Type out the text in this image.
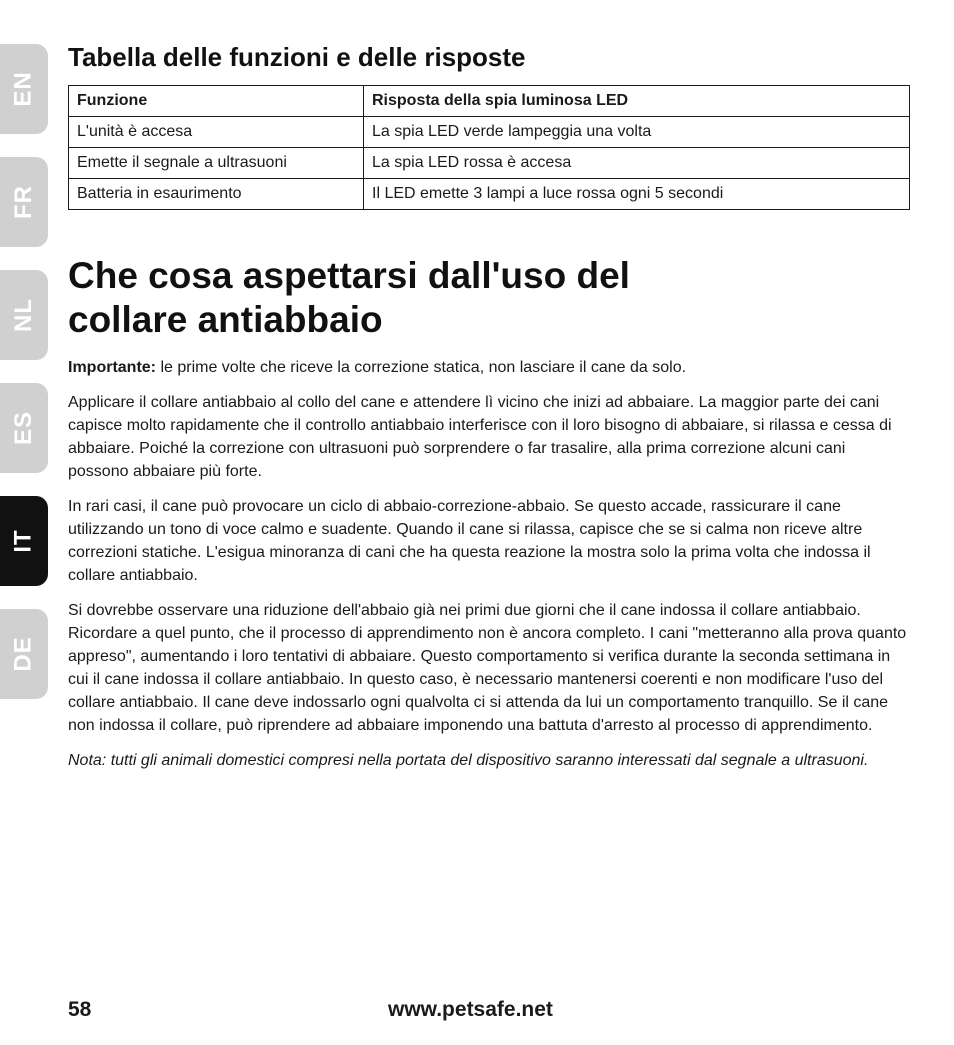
EN
FR
NL
ES
IT
DE
Tabella delle funzioni e delle risposte
Funzione	Risposta della spia luminosa LED
L'unità è accesa	La spia LED verde lampeggia una volta
Emette il segnale a ultrasuoni	La spia LED rossa è accesa
Batteria in esaurimento	Il LED emette 3 lampi a luce rossa ogni 5 secondi
Che cosa aspettarsi dall'uso del
collare antiabbaio

Importante: le prime volte che riceve la correzione statica, non lasciare il cane da solo.

Applicare il collare antiabbaio al collo del cane e attendere lì vicino che inizi ad abbaiare. La maggior parte dei cani capisce molto rapidamente che il controllo antiabbaio interferisce con il loro bisogno di abbaiare, si rilassa e cessa di abbaiare. Poiché la correzione con ultrasuoni può sorprendere o far trasalire, alla prima correzione alcuni cani possono abbaiare più forte.

In rari casi, il cane può provocare un ciclo di abbaio-correzione-abbaio. Se questo accade, rassicurare il cane utilizzando un tono di voce calmo e suadente. Quando il cane si rilassa, capisce che se si calma non riceve altre correzioni statiche. L'esigua minoranza di cani che ha questa reazione la mostra solo la prima volta che indossa il collare antiabbaio.

Si dovrebbe osservare una riduzione dell'abbaio già nei primi due giorni che il cane indossa il collare antiabbaio. Ricordare a quel punto, che il processo di apprendimento non è ancora completo. I cani "metteranno alla prova quanto appreso", aumentando i loro tentativi di abbaiare. Questo comportamento si verifica durante la seconda settimana in cui il cane indossa il collare antiabbaio. In questo caso, è necessario mantenersi coerenti e non modificare l'uso del collare antiabbaio. Il cane deve indossarlo ogni qualvolta ci si attenda da lui un comportamento tranquillo. Se il cane non indossa il collare, può riprendere ad abbaiare imponendo una battuta d'arresto al processo di apprendimento.

Nota: tutti gli animali domestici compresi nella portata del dispositivo saranno interessati dal segnale a ultrasuoni.

58	www.petsafe.net
